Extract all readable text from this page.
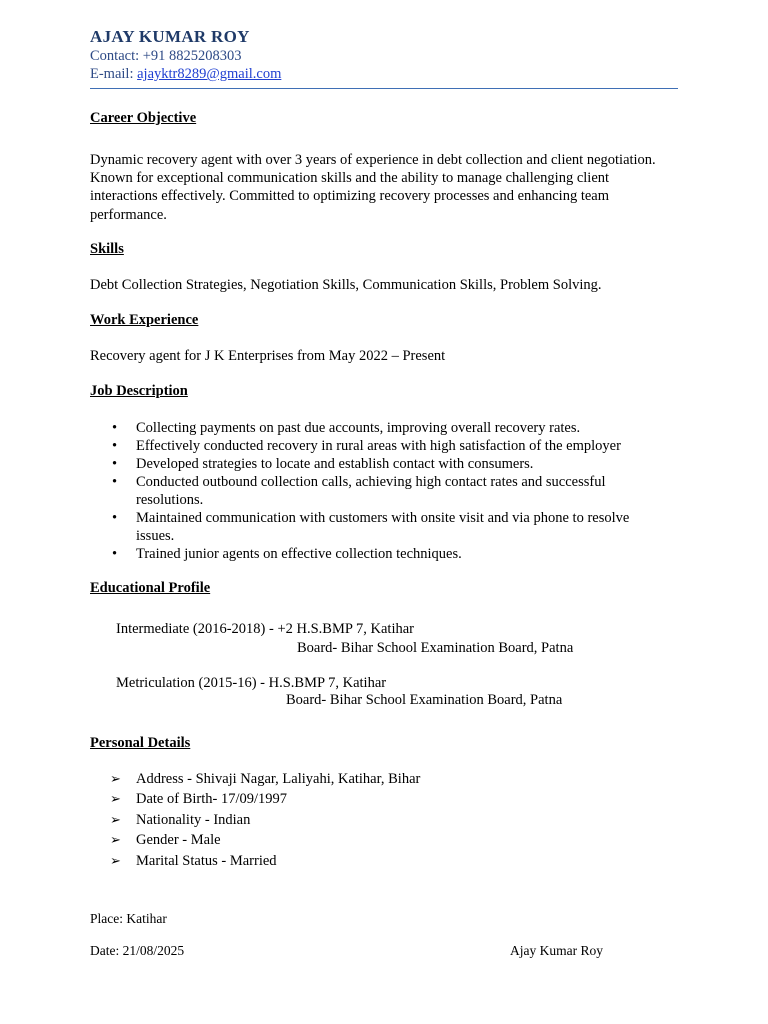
AJAY KUMAR ROY
Contact: +91 8825208303
E-mail: ajayktr8289@gmail.com
Career Objective
Dynamic recovery agent with over 3 years of experience in debt collection and client negotiation. Known for exceptional communication skills and the ability to manage challenging client interactions effectively. Committed to optimizing recovery processes and enhancing team performance.
Skills
Debt Collection Strategies, Negotiation Skills, Communication Skills, Problem Solving.
Work Experience
Recovery agent for J K Enterprises from May 2022 – Present
Job Description
• Collecting payments on past due accounts, improving overall recovery rates.
• Effectively conducted recovery in rural areas with high satisfaction of the employer
• Developed strategies to locate and establish contact with consumers.
• Conducted outbound collection calls, achieving high contact rates and successful resolutions.
• Maintained communication with customers with onsite visit and via phone to resolve issues.
• Trained junior agents on effective collection techniques.
Educational Profile
Intermediate (2016-2018) - +2 H.S.BMP 7, Katihar
Board- Bihar School Examination Board, Patna
Metriculation (2015-16) - H.S.BMP 7, Katihar
Board- Bihar School Examination Board, Patna
Personal Details
➢ Address - Shivaji Nagar, Laliyahi, Katihar, Bihar
➢ Date of Birth- 17/09/1997
➢ Nationality - Indian
➢ Gender - Male
➢ Marital Status - Married
Place: Katihar
Date: 21/08/2025	Ajay Kumar Roy
